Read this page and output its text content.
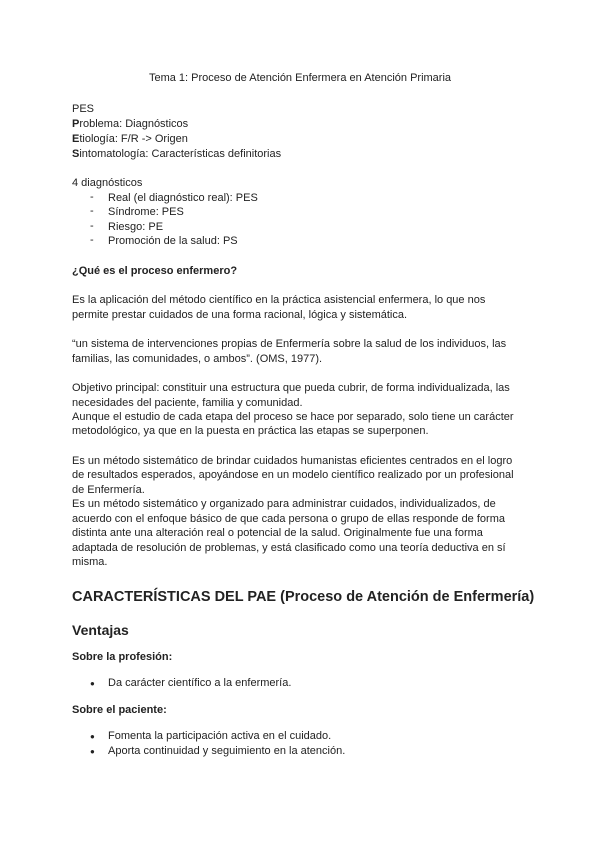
Tema 1: Proceso de Atención Enfermera en Atención Primaria
PES
Problema: Diagnósticos
Etiología: F/R -> Origen
Sintomatología: Características definitorias
4 diagnósticos
- Real (el diagnóstico real): PES
- Síndrome: PES
- Riesgo: PE
- Promoción de la salud: PS
¿Qué es el proceso enfermero?
Es la aplicación del método científico en la práctica asistencial enfermera, lo que nos
permite prestar cuidados de una forma racional, lógica y sistemática.
“un sistema de intervenciones propias de Enfermería sobre la salud de los individuos, las
familias, las comunidades, o ambos”. (OMS, 1977).
Objetivo principal: constituir una estructura que pueda cubrir, de forma individualizada, las
necesidades del paciente, familia y comunidad.
Aunque el estudio de cada etapa del proceso se hace por separado, solo tiene un carácter
metodológico, ya que en la puesta en práctica las etapas se superponen.
Es un método sistemático de brindar cuidados humanistas eficientes centrados en el logro
de resultados esperados, apoyándose en un modelo científico realizado por un profesional
de Enfermería.
Es un método sistemático y organizado para administrar cuidados, individualizados, de
acuerdo con el enfoque básico de que cada persona o grupo de ellas responde de forma
distinta ante una alteración real o potencial de la salud. Originalmente fue una forma
adaptada de resolución de problemas, y está clasificado como una teoría deductiva en sí
misma.
CARACTERÍSTICAS DEL PAE (Proceso de Atención de Enfermería)
Ventajas
Sobre la profesión:
● Da carácter científico a la enfermería.
Sobre el paciente:
● Fomenta la participación activa en el cuidado.
● Aporta continuidad y seguimiento en la atención.
